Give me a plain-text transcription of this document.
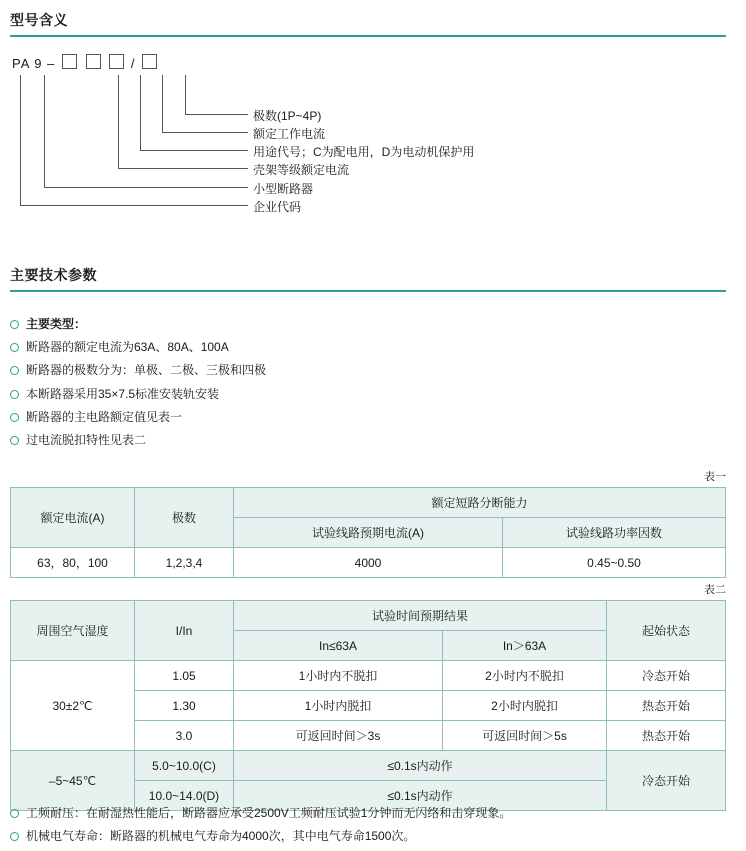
型号含义
PA 9 –	/
极数(1P~4P)
额定工作电流
用途代号；C为配电用，D为电动机保护用
壳架等级额定电流
小型断路器
企业代码
主要技术参数
主要类型：
断路器的额定电流为63A、80A、100A
断路器的极数分为：单极、二极、三极和四极
本断路器采用35×7.5标准安装轨安装
断路器的主电路额定值见表一
过电流脱扣特性见表二
表一
额定电流(A)	极数	额定短路分断能力	
		试验线路预期电流(A)	试验线路功率因数
63，80，100	1,2,3,4	4000	0.45~0.50
表二
周围空气湿度	I/In	试验时间预期结果		起始状态
		In≤63A	In＞63A	
30±2℃	1.05	1小时内不脱扣	2小时内不脱扣	冷态开始
	1.30	1小时内脱扣	2小时内脱扣	热态开始
	3.0	可返回时间＞3s	可返回时间＞5s	热态开始
–5~45℃	5.0~10.0(C)	≤0.1s内动作		冷态开始
	10.0~14.0(D)	≤0.1s内动作		
工频耐压：在耐湿热性能后，断路器应承受2500V工频耐压试验1分钟而无闪络和击穿现象。
机械电气寿命：断路器的机械电气寿命为4000次，其中电气寿命1500次。
